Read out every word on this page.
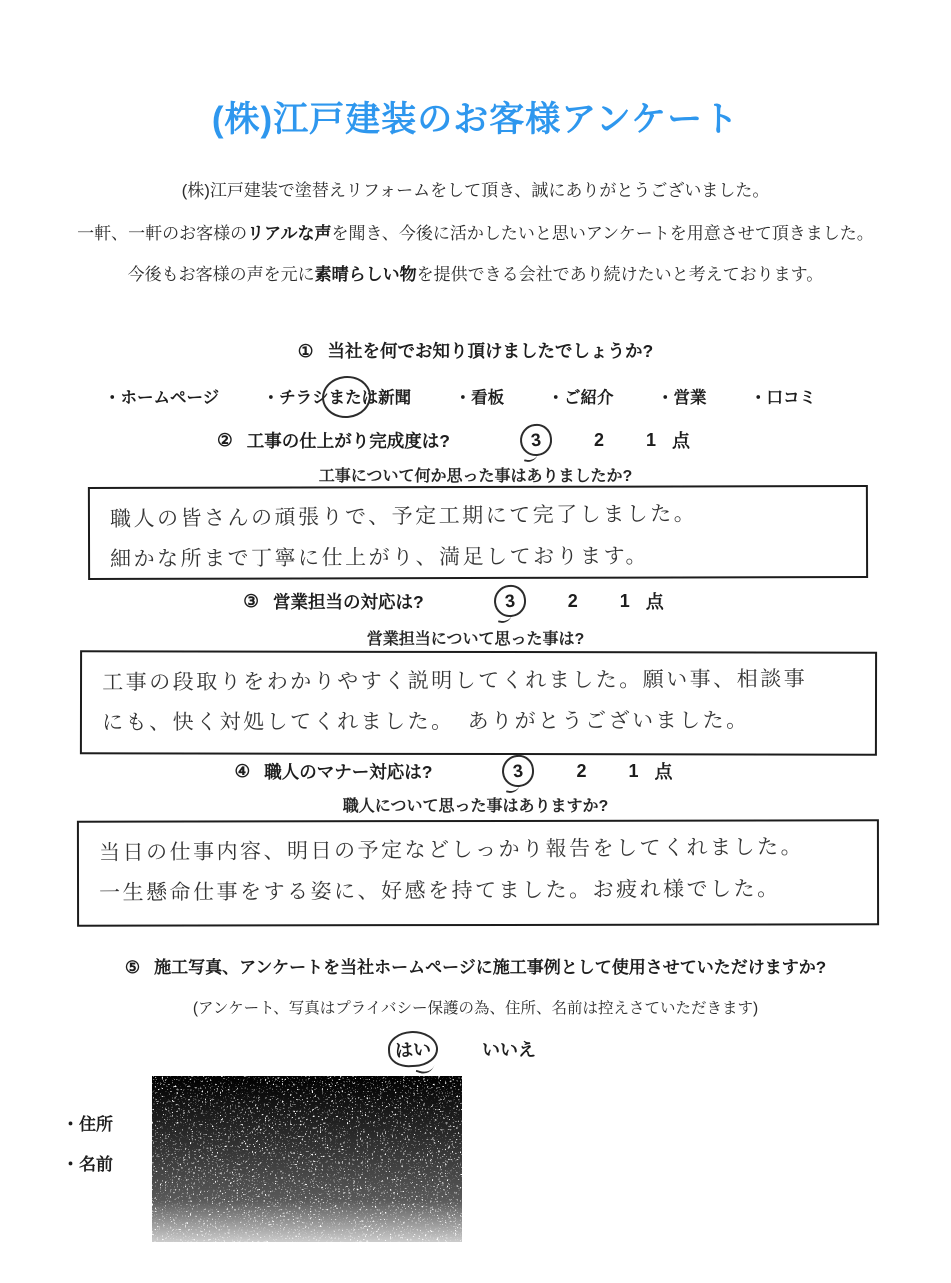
(株)江戸建装のお客様アンケート
(株)江戸建装で塗替えリフォームをして頂き、誠にありがとうございました。
一軒、一軒のお客様のリアルな声を聞き、今後に活かしたいと思いアンケートを用意させて頂きました。
今後もお客様の声を元に素晴らしい物を提供できる会社であり続けたいと考えております。
① 当社を何でお知り頂けましたでしょうか?
・ホームページ	・チラシまたは新聞	・看板	・ご紹介	・営業	・口コミ
② 工事の仕上がり完成度は?	3	2 1 点
工事について何か思った事はありましたか?
職人の皆さんの頑張りで、予定工期にて完了しました。
細かな所まで丁寧に仕上がり、満足しております。
③ 営業担当の対応は?	3	2 1 点
営業担当について思った事は?
工事の段取りをわかりやすく説明してくれました。願い事、相談事
にも、快く対処してくれました。　ありがとうございました。
④ 職人のマナー対応は?	3	2 1 点
職人について思った事はありますか?
当日の仕事内容、明日の予定などしっかり報告をしてくれました。
一生懸命仕事をする姿に、好感を持てました。お疲れ様でした。
⑤ 施工写真、アンケートを当社ホームページに施工事例として使用させていただけますか?
(アンケート、写真はプライバシー保護の為、住所、名前は控えさていただきます)
はい	いいえ
・住所
・名前
